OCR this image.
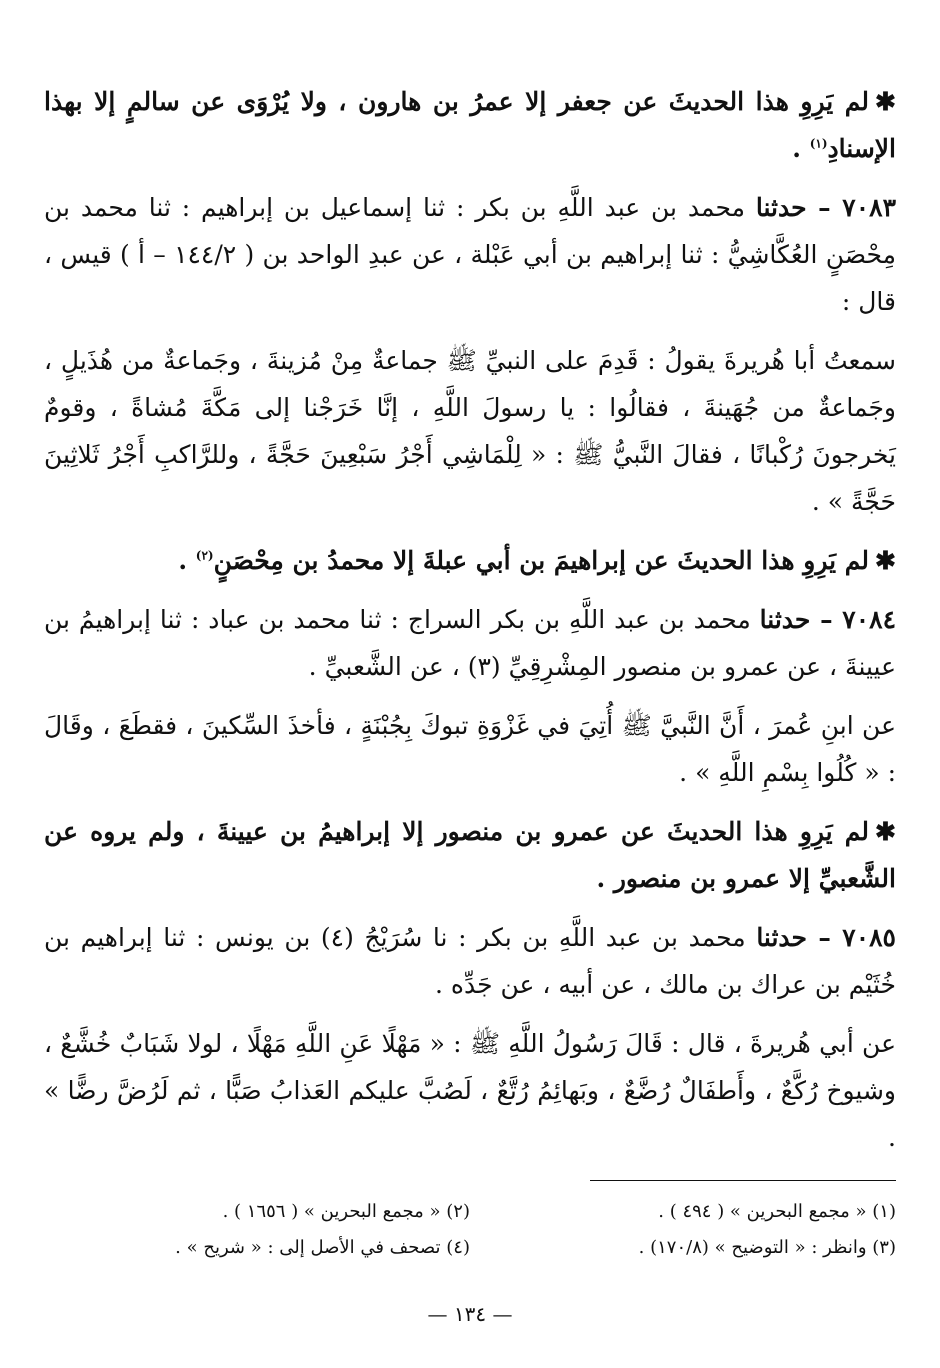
✱لم يَرِوِ هذا الحديثَ عن جعفر إلا عمرُ بن هارون ، ولا يُرْوَى عن سالمٍ إلا بهذا الإسنادِ$^{(١)}$ .

٧٠٨٣ – حدثنا محمد بن عبد اللَّهِ بن بكر : ثنا إسماعيل بن إبراهيم : ثنا محمد بن مِحْصَنٍ العُكَّاشِيُّ : ثنا إبراهيم بن أبي عَبْلة ، عن عبدِ الواحد بن ( ١٤٤/٢ – أ ) قيس ، قال :

سمعتُ أبا هُريرةَ يقولُ : قَدِمَ على النبيِّ ﷺ جماعةٌ مِنْ مُزينةَ ، وجَماعةٌ من هُذَيلٍ ، وجَماعةٌ من جُهَينةَ ، فقالُوا : يا رسولَ اللَّهِ ، إنَّا خَرَجْنا إلى مَكَّةَ مُشاةً ، وقومٌ يَخرجونَ رُكْبانًا ، فقالَ النَّبيُّ ﷺ : « لِلْمَاشِي أَجْرُ سَبْعِينَ حَجَّةً ، وللرَّاكبِ أَجْرُ ثَلاثِينَ حَجَّةً » .

✱لم يَرِوِ هذا الحديثَ عن إبراهيمَ بن أبي عبلةَ إلا محمدُ بن مِحْصَنٍ$^{(٢)}$ .

٧٠٨٤ – حدثنا محمد بن عبد اللَّهِ بن بكر السراج : ثنا محمد بن عباد : ثنا إبراهيمُ بن عيينةَ ، عن عمرو بن منصور المِشْرِقِيِّ (٣) ، عن الشَّعبيِّ .

عن ابنِ عُمرَ ، أَنَّ النَّبيَّ ﷺ أُتِيَ في غَزْوَةِ تبوكَ بِجُبْنَةٍ ، فأخذَ السِّكينَ ، فقطَعَ ، وقَالَ : « كُلُوا بِسْمِ اللَّهِ » .

✱لم يَرِوِ هذا الحديثَ عن عمرو بن منصور إلا إبراهيمُ بن عيينةَ ، ولم يروه عن الشَّعبيِّ إلا عمرو بن منصور .

٧٠٨٥ – حدثنا محمد بن عبد اللَّهِ بن بكر : نا سُرَيْجُ (٤) بن يونس : ثنا إبراهيم بن خُثَيْم بن عراك بن مالك ، عن أبيه ، عن جَدِّه .

عن أبي هُريرةَ ، قال : قَالَ رَسُولُ اللَّهِ ﷺ : « مَهْلًا عَنِ اللَّهِ مَهْلًا ، لولا شَبَابٌ خُشَّعٌ ، وشيوخ رُكَّعٌ ، وأَطفَالٌ رُضَّعٌ ، وبَهائِمُ رُتَّعٌ ، لَصُبَّ عليكم العَذابُ صَبًّا ، ثم لَرُضَّ رضًّا » .

(١) « مجمع البحرين » ( ٤٩٤ ) .
(٢) « مجمع البحرين » ( ١٦٥٦ ) .
(٣) وانظر : « التوضيح » (١٧٠/٨) .
(٤) تصحف في الأصل إلى : « شريح » .
— ١٣٤ —
